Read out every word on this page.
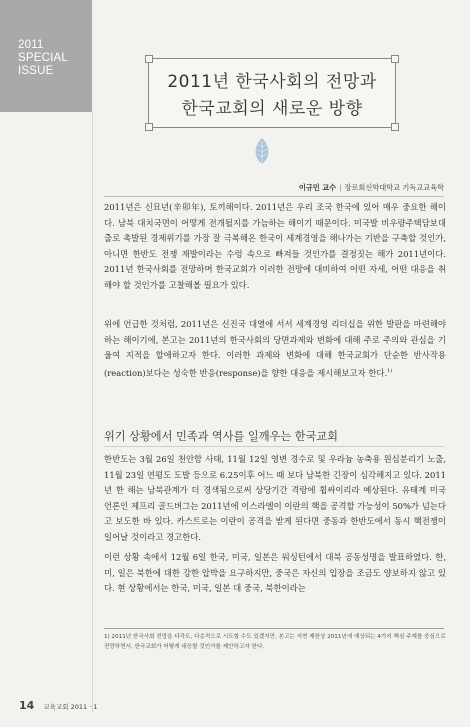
2011
SPECIAL
ISSUE
2011년 한국사회의 전망과
한국교회의 새로운 방향
이규민 교수 | 장로회신학대학교 기독교교육학

2011년은 신묘년(辛卯年), 토끼해이다. 2011년은 우리 조국 한국에 있어 매우 중요한 해이다. 남북 대치국면이 어떻게 전개될지를 가늠하는 해이기 때문이다. 미국발 비우량주택담보대출로 촉발된 경제위기를 가장 잘 극복해온 한국이 세계경영을 해나가는 기반을 구축할 것인가, 아니면 한반도 전쟁 재발이라는 수렁 속으로 빠져들 것인가를 결정짓는 해가 2011년이다. 2011년 한국사회를 전망하며 한국교회가 이러한 전망에 대비하여 어떤 자세, 어떤 대응을 취해야 할 것인가를 고찰해볼 필요가 있다.

위에 언급한 것처럼, 2011년은 신진국 대열에 서서 세계경영 리더십을 위한 발판을 마련해야 하는 해이기에, 본고는 2011년의 한국사회의 당면과제와 변화에 대해 주로 주의와 관심을 기울여 지적을 할애하고자 한다. 이러한 과제와 변화에 대해 한국교회가 단순한 반사작용(reaction)보다는 성숙한 반응(response)을 향한 대응을 제시해보고자 한다.$^{1)}$

위기 상황에서 민족과 역사를 일깨우는 한국교회

한반도는 3월 26일 천안함 사태, 11월 12일 영변 경수로 및 우라늄 농축용 원심분리기 노출, 11월 23일 연평도 도발 등으로 6.25이후 어느 때 보다 남북한 긴장이 심각해지고 있다. 2011년 한 해는 남북관계가 더 경색됨으로써 상당기간 격랑에 휩싸이리라 예상된다. 유태계 미국 언론인 제프리 골드버그는 2011년에 이스라엘이 이란의 핵을 공격할 가능성이 50%가 넘는다고 보도한 바 있다. 카스트로는 이란이 공격을 받게 된다면 중동과 한반도에서 동시 핵전쟁이 일어날 것이라고 경고한다.

이런 상황 속에서 12월 6일 한국, 미국, 일본은 워싱턴에서 대북 공동성명을 발표하였다. 한, 미, 일은 북한에 대한 강한 압박을 요구하지만, 중국은 자신의 입장을 조금도 양보하지 않고 있다. 현 상황에서는 한국, 미국, 일본 대 중국, 북한이라는

1) 2011년 한국사회 전망을 다각도, 다층적으로 시도할 수도 있겠지만, 본고는 지면 제한상 2011년에 예상되는 4가지 핵심 주제를 중심으로 전망하면서, 한국교회가 어떻게 대응할 것인가를 제안하고자 한다.
14 교육교회 2011 · 1
